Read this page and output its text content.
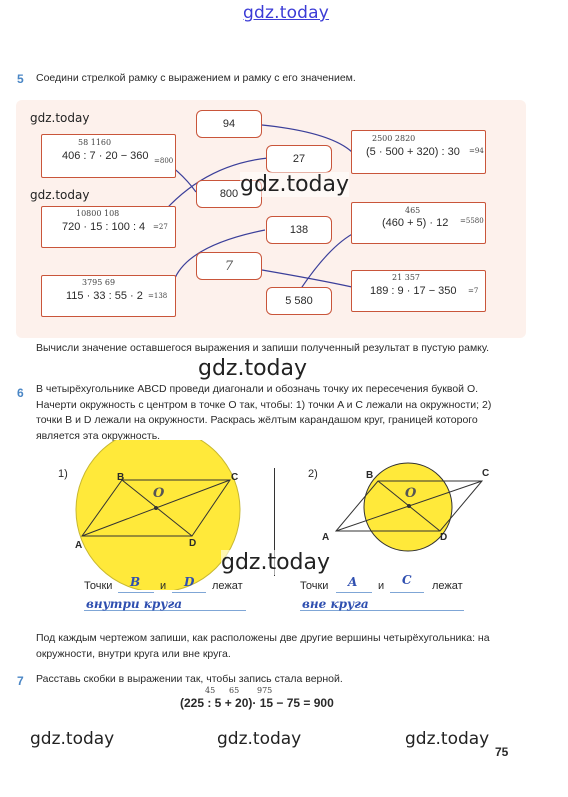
gdz.today
5 Соедини стрелкой рамку с выражением и рамку с его значением.
gdz.today
gdz.today
58 1160
406 : 7 · 20 − 360 =800
10800 108
720 · 15 : 100 : 4 =27
3795 69
115 · 33 : 55 · 2 =138
94
27
800
138
7
5 580
2500 2820
(5 · 500 + 320) : 30 =94
465
(460 + 5) · 12 =5580
21 357
189 : 9 · 17 − 350 =7
gdz.today
Вычисли значение оставшегося выражения и запиши полученный результат в пустую рамку.
gdz.today
6 В четырёхугольнике ABCD проведи диагонали и обозначь точку их пересечения буквой O. Начерти окружность с центром в точке O так, чтобы: 1) точки A и C лежали на окружности; 2) точки B и D лежали на окружности. Раскрась жёлтым карандашом круг, границей которого является эта окружность.
1)	B	C
A	D
O
2)	B	C
A	D
O
gdz.today
Точки B и D лежат
внутри круга
Точки A и C лежат
вне круга
Под каждым чертежом запиши, как расположены две другие вершины четырёхугольника: на окружности, внутри круга или вне круга.
7 Расставь скобки в выражении так, чтобы запись стала верной.
45 65 975
(225 : 5 + 20)· 15 − 75 = 900
gdz.today	gdz.today	gdz.today
75
